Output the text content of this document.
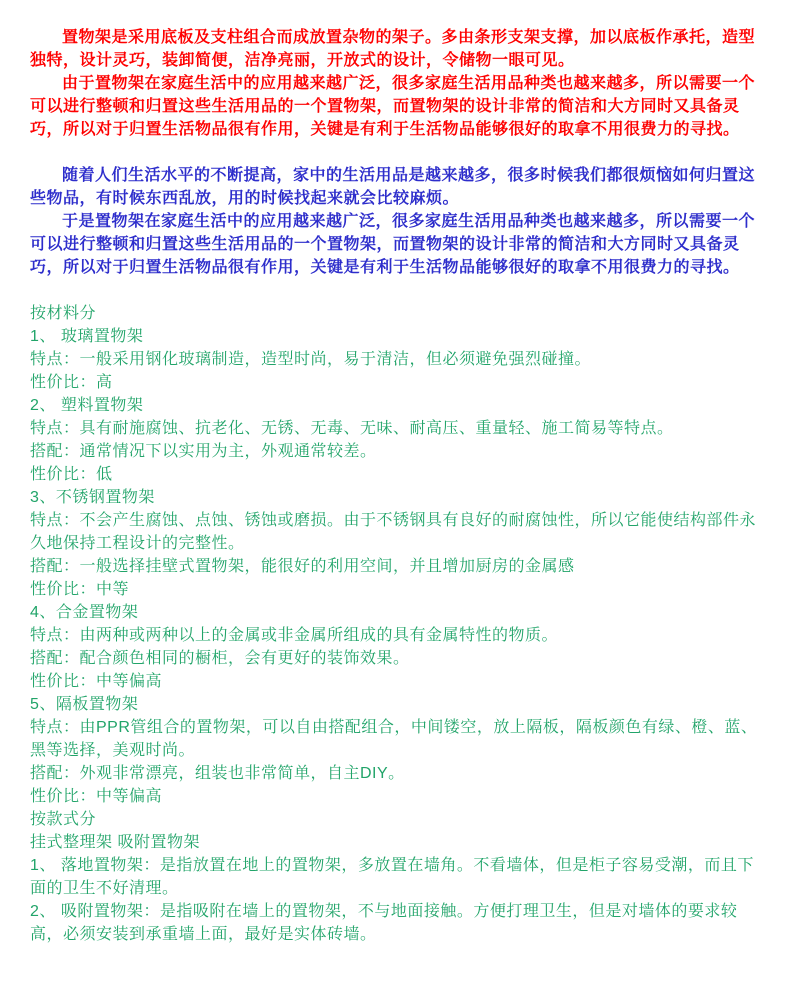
置物架是采用底板及支柱组合而成放置杂物的架子。多由条形支架支撑，加以底板作承托，造型独特，设计灵巧，装卸简便，洁净亮丽，开放式的设计，令储物一眼可见。

由于置物架在家庭生活中的应用越来越广泛，很多家庭生活用品种类也越来越多，所以需要一个可以进行整顿和归置这些生活用品的一个置物架，而置物架的设计非常的简洁和大方同时又具备灵巧，所以对于归置生活物品很有作用，关键是有利于生活物品能够很好的取拿不用很费力的寻找。

随着人们生活水平的不断提高，家中的生活用品是越来越多，很多时候我们都很烦恼如何归置这些物品，有时候东西乱放，用的时候找起来就会比较麻烦。

于是置物架在家庭生活中的应用越来越广泛，很多家庭生活用品种类也越来越多，所以需要一个可以进行整顿和归置这些生活用品的一个置物架，而置物架的设计非常的简洁和大方同时又具备灵巧，所以对于归置生活物品很有作用，关键是有利于生活物品能够很好的取拿不用很费力的寻找。

按材料分
1、 玻璃置物架
特点：一般采用钢化玻璃制造，造型时尚，易于清洁，但必须避免强烈碰撞。
性价比：高
2、 塑料置物架
特点：具有耐施腐蚀、抗老化、无锈、无毒、无味、耐高压、重量轻、施工简易等特点。
搭配：通常情况下以实用为主，外观通常较差。
性价比：低
3、不锈钢置物架
特点：不会产生腐蚀、点蚀、锈蚀或磨损。由于不锈钢具有良好的耐腐蚀性，所以它能使结构部件永久地保持工程设计的完整性。
搭配：一般选择挂壁式置物架，能很好的利用空间，并且增加厨房的金属感
性价比：中等
4、合金置物架
特点：由两种或两种以上的金属或非金属所组成的具有金属特性的物质。
搭配：配合颜色相同的橱柜，会有更好的装饰效果。
性价比：中等偏高
5、隔板置物架
特点：由PPR管组合的置物架，可以自由搭配组合，中间镂空，放上隔板，隔板颜色有绿、橙、蓝、黑等选择，美观时尚。
搭配：外观非常漂亮，组装也非常简单，自主DIY。
性价比：中等偏高
按款式分
挂式整理架 吸附置物架
1、 落地置物架：是指放置在地上的置物架，多放置在墙角。不看墙体，但是柜子容易受潮，而且下面的卫生不好清理。
2、 吸附置物架：是指吸附在墙上的置物架，不与地面接触。方便打理卫生，但是对墙体的要求较高，必须安装到承重墙上面，最好是实体砖墙。
